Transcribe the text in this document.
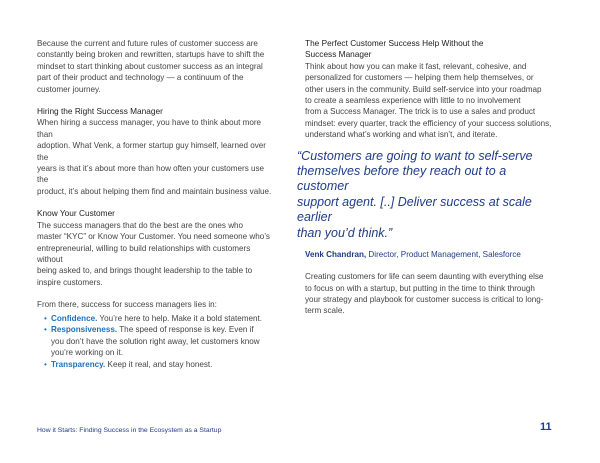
Because the current and future rules of customer success are
constantly being broken and rewritten, startups have to shift the
mindset to start thinking about customer success as an integral
part of their product and technology — a continuum of the
customer journey.

Hiring the Right Success Manager

When hiring a success manager, you have to think about more than
adoption. What Venk, a former startup guy himself, learned over the
years is that it’s about more than how often your customers use the
product, it’s about helping them find and maintain business value.

Know Your Customer

The success managers that do the best are the ones who
master “KYC” or Know Your Customer. You need someone who’s
entrepreneurial, willing to build relationships with customers without
being asked to, and brings thought leadership to the table to
inspire customers.

From there, success for success managers lies in:

• Confidence. You’re here to help. Make it a bold statement.
• Responsiveness. The speed of response is key. Even if
you don’t have the solution right away, let customers know
you’re working on it.
• Transparency. Keep it real, and stay honest.
The Perfect Customer Success Help Without the
Success Manager

Think about how you can make it fast, relevant, cohesive, and
personalized for customers — helping them help themselves, or
other users in the community. Build self-service into your roadmap
to create a seamless experience with little to no involvement
from a Success Manager. The trick is to use a sales and product
mindset: every quarter, track the efficiency of your success solutions,
understand what’s working and what isn’t, and iterate.

“Customers are going to want to self-serve
themselves before they reach out to a customer
support agent. [..] Deliver success at scale earlier
than you’d think.”
Venk Chandran, Director, Product Management, Salesforce

Creating customers for life can seem daunting with everything else
to focus on with a startup, but putting in the time to think through
your strategy and playbook for customer success is critical to long-
term scale.

How it Starts: Finding Success in the Ecosystem as a Startup	11
